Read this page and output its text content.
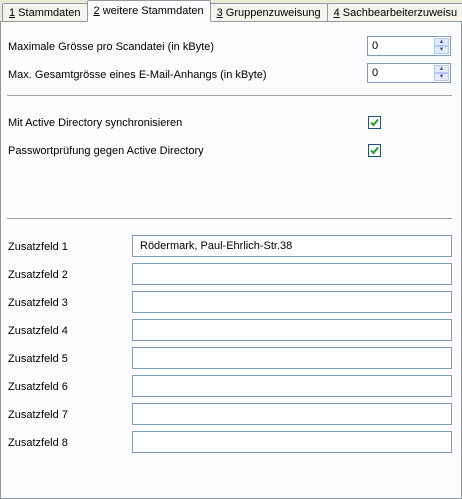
1 Stammdaten	2 weitere Stammdaten	3 Gruppenzuweisung	4 Sachbearbeiterzuweisu
Maximale Grösse pro Scandatei (in kByte)	0	▲
▼
Max. Gesamtgrösse eines E-Mail-Anhangs (in kByte)	0	▲
▼
Mit Active Directory synchronisieren
Passwortprüfung gegen Active Directory
Zusatzfeld 1	Rödermark, Paul-Ehrlich-Str.38
Zusatzfeld 2
Zusatzfeld 3
Zusatzfeld 4
Zusatzfeld 5
Zusatzfeld 6
Zusatzfeld 7
Zusatzfeld 8
